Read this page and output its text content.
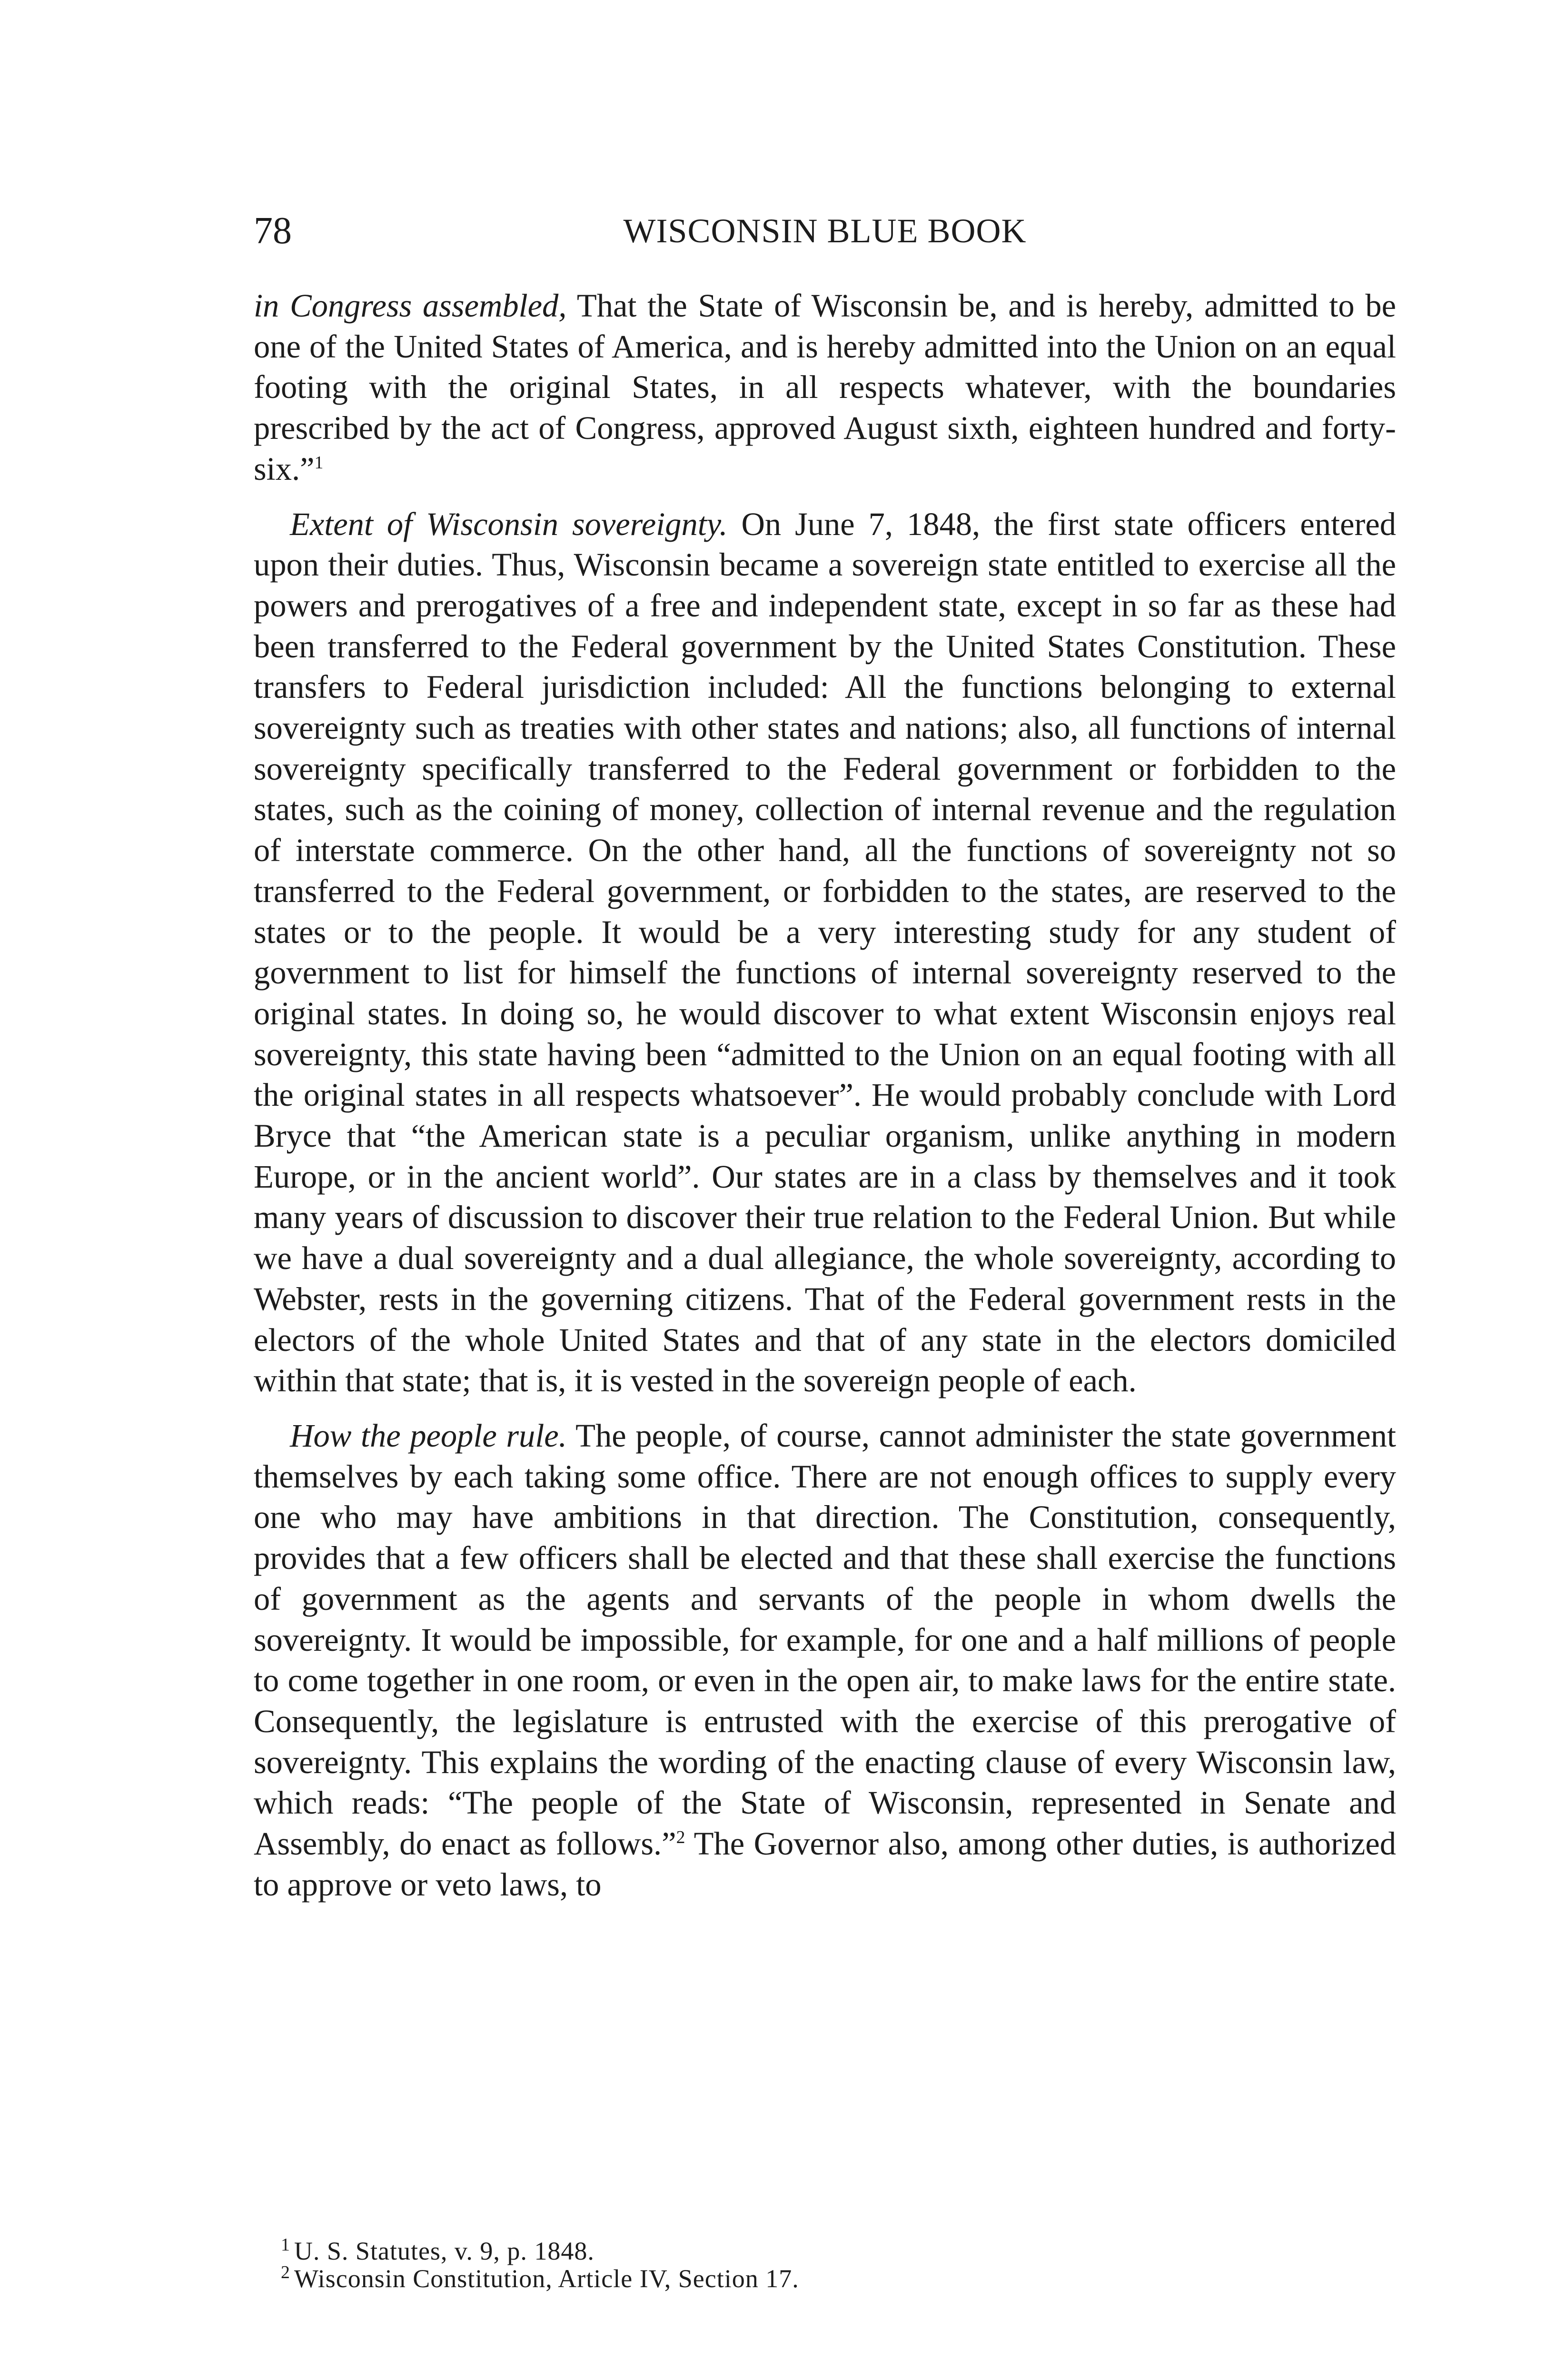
78	WISCONSIN BLUE BOOK

in Congress assembled, That the State of Wisconsin be, and is hereby, admitted to be one of the United States of America, and is hereby admitted into the Union on an equal footing with the original States, in all respects whatever, with the boundaries prescribed by the act of Congress, approved August sixth, eighteen hundred and forty-six.”$^1$

Extent of Wisconsin sovereignty. On June 7, 1848, the first state officers entered upon their duties. Thus, Wisconsin became a sovereign state entitled to exercise all the powers and prerogatives of a free and independent state, except in so far as these had been transferred to the Federal government by the United States Constitution. These transfers to Federal jurisdiction included: All the functions belonging to external sovereignty such as treaties with other states and nations; also, all functions of internal sovereignty specifically transferred to the Federal government or forbidden to the states, such as the coining of money, collection of internal revenue and the regulation of interstate commerce. On the other hand, all the functions of sovereignty not so transferred to the Federal government, or forbidden to the states, are reserved to the states or to the people. It would be a very interesting study for any student of government to list for himself the functions of internal sovereignty reserved to the original states. In doing so, he would discover to what extent Wisconsin enjoys real sovereignty, this state having been “admitted to the Union on an equal footing with all the original states in all respects whatsoever”. He would probably conclude with Lord Bryce that “the American state is a peculiar organism, unlike anything in modern Europe, or in the ancient world”. Our states are in a class by themselves and it took many years of discussion to discover their true relation to the Federal Union. But while we have a dual sovereignty and a dual allegiance, the whole sovereignty, according to Webster, rests in the governing citizens. That of the Federal government rests in the electors of the whole United States and that of any state in the electors domiciled within that state; that is, it is vested in the sovereign people of each.

How the people rule. The people, of course, cannot administer the state government themselves by each taking some office. There are not enough offices to supply every one who may have ambitions in that direction. The Constitution, consequently, provides that a few officers shall be elected and that these shall exercise the functions of government as the agents and servants of the people in whom dwells the sovereignty. It would be impossible, for example, for one and a half millions of people to come together in one room, or even in the open air, to make laws for the entire state. Consequently, the legislature is entrusted with the exercise of this prerogative of sovereignty. This explains the wording of the enacting clause of every Wisconsin law, which reads: “The people of the State of Wisconsin, represented in Senate and Assembly, do enact as follows.”$^2$ The Governor also, among other duties, is authorized to approve or veto laws, to

$^1$ U. S. Statutes, v. 9, p. 1848.
$^2$ Wisconsin Constitution, Article IV, Section 17.
